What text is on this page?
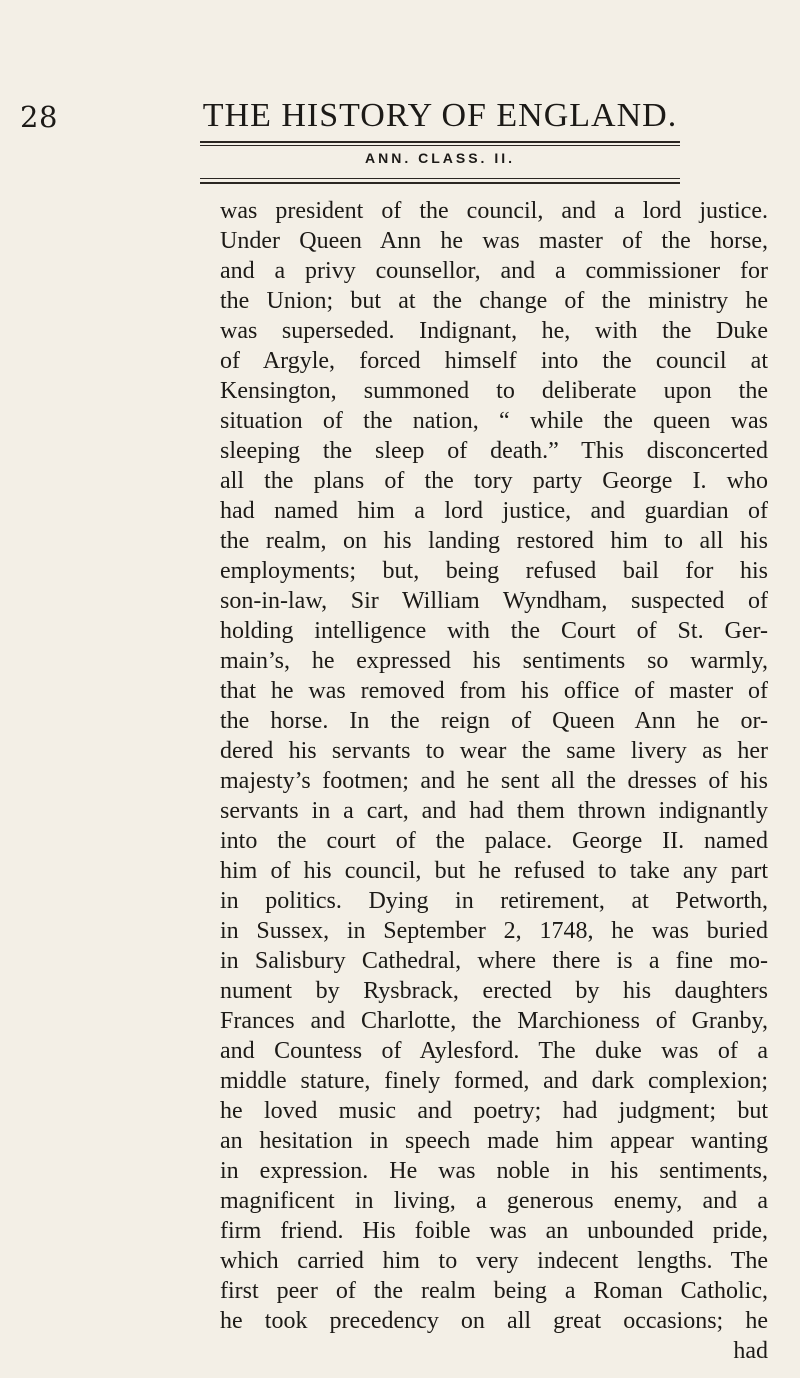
28	THE HISTORY OF ENGLAND.
ANN. CLASS. II.
was president of the council, and a lord justice.
Under Queen Ann he was master of the horse,
and a privy counsellor, and a commissioner for
the Union; but at the change of the ministry he
was superseded. Indignant, he, with the Duke
of Argyle, forced himself into the council at
Kensington, summoned to deliberate upon the
situation of the nation, “ while the queen was
sleeping the sleep of death.” This disconcerted
all the plans of the tory party George I. who
had named him a lord justice, and guardian of
the realm, on his landing restored him to all his
employments; but, being refused bail for his
son-in-law, Sir William Wyndham, suspected of
holding intelligence with the Court of St. Ger-
main’s, he expressed his sentiments so warmly,
that he was removed from his office of master of
the horse. In the reign of Queen Ann he or-
dered his servants to wear the same livery as her
majesty’s footmen; and he sent all the dresses of his
servants in a cart, and had them thrown indignantly
into the court of the palace. George II. named
him of his council, but he refused to take any part
in politics. Dying in retirement, at Petworth,
in Sussex, in September 2, 1748, he was buried
in Salisbury Cathedral, where there is a fine mo-
nument by Rysbrack, erected by his daughters
Frances and Charlotte, the Marchioness of Granby,
and Countess of Aylesford. The duke was of a
middle stature, finely formed, and dark complexion;
he loved music and poetry; had judgment; but
an hesitation in speech made him appear wanting
in expression. He was noble in his sentiments,
magnificent in living, a generous enemy, and a
firm friend. His foible was an unbounded pride,
which carried him to very indecent lengths. The
first peer of the realm being a Roman Catholic,
he took precedency on all great occasions; he
had
